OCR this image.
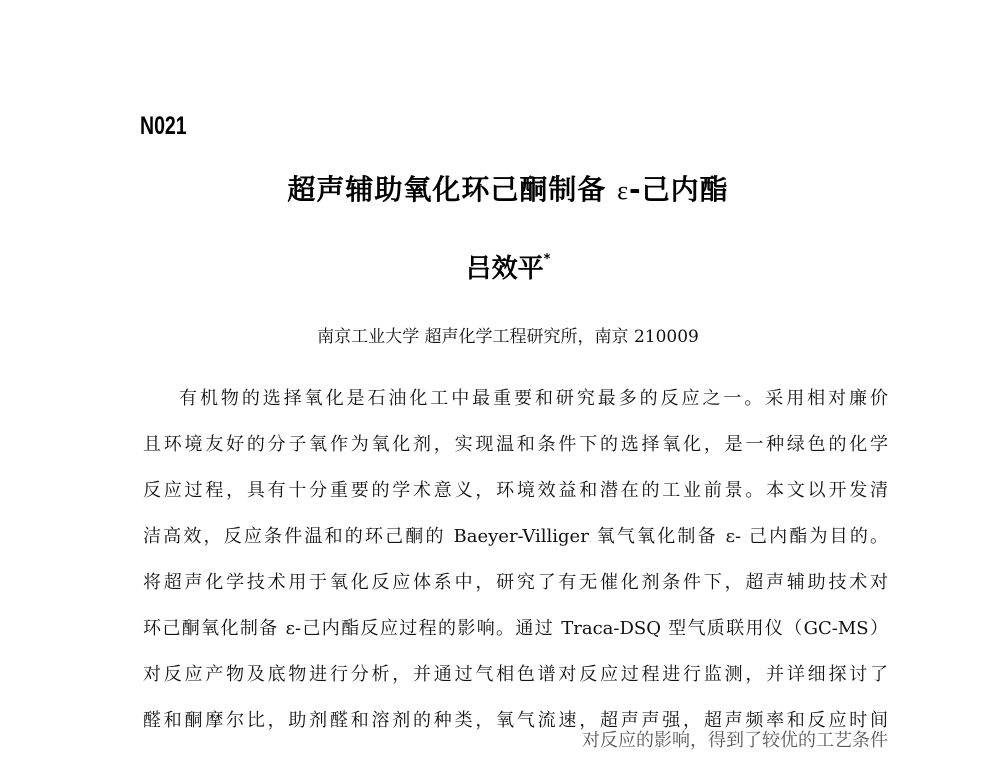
N021
超声辅助氧化环己酮制备 ε-己内酯
吕效平*
南京工业大学 超声化学工程研究所，南京 210009
有机物的选择氧化是石油化工中最重要和研究最多的反应之一。采用相对廉价
且环境友好的分子氧作为氧化剂，实现温和条件下的选择氧化，是一种绿色的化学
反应过程，具有十分重要的学术意义，环境效益和潜在的工业前景。本文以开发清
洁高效，反应条件温和的环己酮的 Baeyer-Villiger 氧气氧化制备 ε- 己内酯为目的。
将超声化学技术用于氧化反应体系中，研究了有无催化剂条件下，超声辅助技术对
环己酮氧化制备 ε-己内酯反应过程的影响。通过 Traca-DSQ 型气质联用仪（GC-MS）
对反应产物及底物进行分析，并通过气相色谱对反应过程进行监测，并详细探讨了
醛和酮摩尔比，助剂醛和溶剂的种类，氧气流速，超声声强，超声频率和反应时间
对反应的影响，得到了较优的工艺条件
